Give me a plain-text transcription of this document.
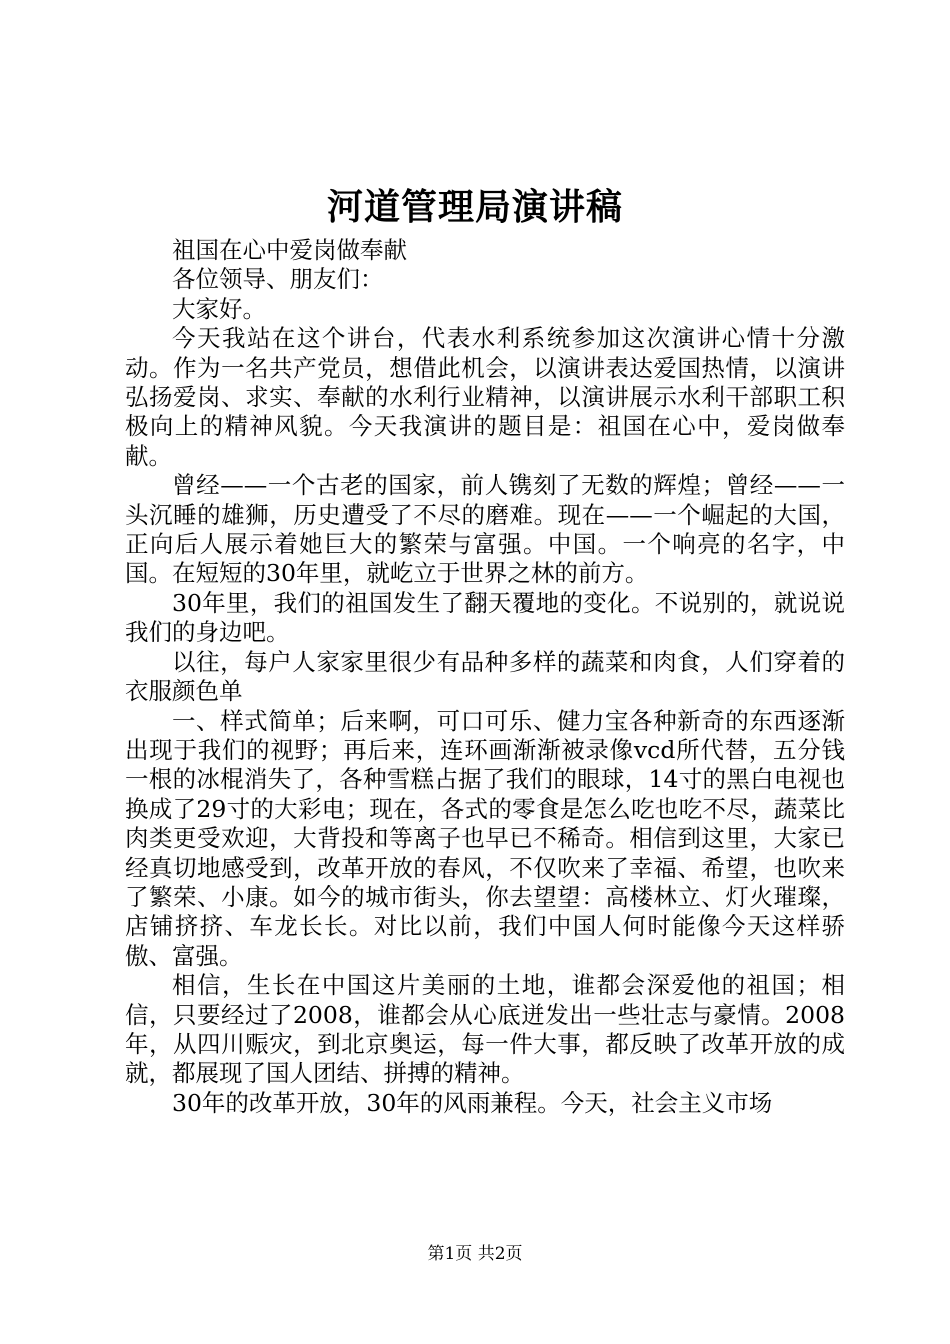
河道管理局演讲稿

祖国在心中爱岗做奉献

各位领导、朋友们：

大家好。

今天我站在这个讲台，代表水利系统参加这次演讲心情十分激动。作为一名共产党员，想借此机会，以演讲表达爱国热情，以演讲弘扬爱岗、求实、奉献的水利行业精神，以演讲展示水利干部职工积极向上的精神风貌。今天我演讲的题目是：祖国在心中，爱岗做奉献。

曾经——一个古老的国家，前人镌刻了无数的辉煌；曾经——一头沉睡的雄狮，历史遭受了不尽的磨难。现在——一个崛起的大国，正向后人展示着她巨大的繁荣与富强。中国。一个响亮的名字，中国。在短短的30年里，就屹立于世界之林的前方。

30年里，我们的祖国发生了翻天覆地的变化。不说别的，就说说我们的身边吧。

以往，每户人家家里很少有品种多样的蔬菜和肉食，人们穿着的衣服颜色单

一、样式简单；后来啊，可口可乐、健力宝各种新奇的东西逐渐出现于我们的视野；再后来，连环画渐渐被录像vcd所代替，五分钱一根的冰棍消失了，各种雪糕占据了我们的眼球，14寸的黑白电视也换成了29寸的大彩电；现在，各式的零食是怎么吃也吃不尽，蔬菜比肉类更受欢迎，大背投和等离子也早已不稀奇。相信到这里，大家已经真切地感受到，改革开放的春风，不仅吹来了幸福、希望，也吹来了繁荣、小康。如今的城市街头，你去望望：高楼林立、灯火璀璨，店铺挤挤、车龙长长。对比以前，我们中国人何时能像今天这样骄傲、富强。

相信，生长在中国这片美丽的土地，谁都会深爱他的祖国；相信，只要经过了2008，谁都会从心底迸发出一些壮志与豪情。2008年，从四川赈灾，到北京奥运，每一件大事，都反映了改革开放的成就，都展现了国人团结、拼搏的精神。

30年的改革开放，30年的风雨兼程。今天，社会主义市场

第1页 共2页
